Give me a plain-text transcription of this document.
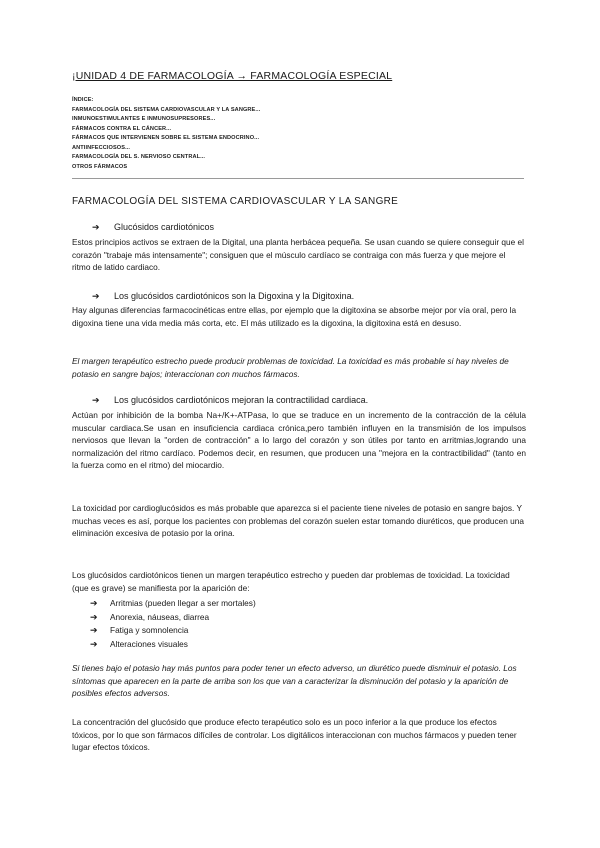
¡UNIDAD 4 DE FARMACOLOGÍA → FARMACOLOGÍA ESPECIAL
ÍNDICE:
FARMACOLOGÍA DEL SISTEMA CARDIOVASCULAR Y LA SANGRE...
INMUNOESTIMULANTES E INMUNOSUPRESORES...
FÁRMACOS CONTRA EL CÁNCER...
FÁRMACOS QUE INTERVIENEN SOBRE EL SISTEMA ENDOCRINO...
ANTIINFECCIOSOS...
FARMACOLOGÍA DEL S. NERVIOSO CENTRAL...
OTROS FÁRMACOS
FARMACOLOGÍA DEL SISTEMA CARDIOVASCULAR Y LA SANGRE
➔ Glucósidos cardiotónicos
Estos principios activos se extraen de la Digital, una planta herbácea pequeña. Se usan cuando se quiere conseguir que el corazón "trabaje más intensamente"; consiguen que el músculo cardíaco se contraiga con más fuerza y que mejore el ritmo de latido cardiaco.
➔ Los glucósidos cardiotónicos son la Digoxina y la Digitoxina.
Hay algunas diferencias farmacocinéticas entre ellas, por ejemplo que la digitoxina se absorbe mejor por vía oral, pero la digoxina tiene una vida media más corta, etc. El más utilizado es la digoxina, la digitoxina está en desuso.
El margen terapéutico estrecho puede producir problemas de toxicidad. La toxicidad es más probable si hay niveles de potasio en sangre bajos; interaccionan con muchos fármacos.
➔ Los glucósidos cardiotónicos mejoran la contractilidad cardiaca.
Actúan por inhibición de la bomba Na+/K+-ATPasa, lo que se traduce en un incremento de la contracción de la célula muscular cardiaca.Se usan en insuficiencia cardiaca crónica,pero también influyen en la transmisión de los impulsos nerviosos que llevan la "orden de contracción" a lo largo del corazón y son útiles por tanto en arritmias,logrando una normalización del ritmo cardíaco. Podemos decir, en resumen, que producen una "mejora en la contractibilidad" (tanto en la fuerza como en el ritmo) del miocardio.
La toxicidad por cardioglucósidos es más probable que aparezca si el paciente tiene niveles de potasio en sangre bajos. Y muchas veces es así, porque los pacientes con problemas del corazón suelen estar tomando diuréticos, que producen una eliminación excesiva de potasio por la orina.
Los glucósidos cardiotónicos tienen un margen terapéutico estrecho y pueden dar problemas de toxicidad. La toxicidad (que es grave) se manifiesta por la aparición de:
➔ Arritmias (pueden llegar a ser mortales)
➔ Anorexia, náuseas, diarrea
➔ Fatiga y somnolencia
➔ Alteraciones visuales
Si tienes bajo el potasio hay más puntos para poder tener un efecto adverso, un diurético puede disminuir el potasio. Los síntomas que aparecen en la parte de arriba son los que van a caracterizar la disminución del potasio y la aparición de posibles efectos adversos.
La concentración del glucósido que produce efecto terapéutico solo es un poco inferior a la que produce los efectos tóxicos, por lo que son fármacos difíciles de controlar. Los digitálicos interaccionan con muchos fármacos y pueden tener lugar efectos tóxicos.
